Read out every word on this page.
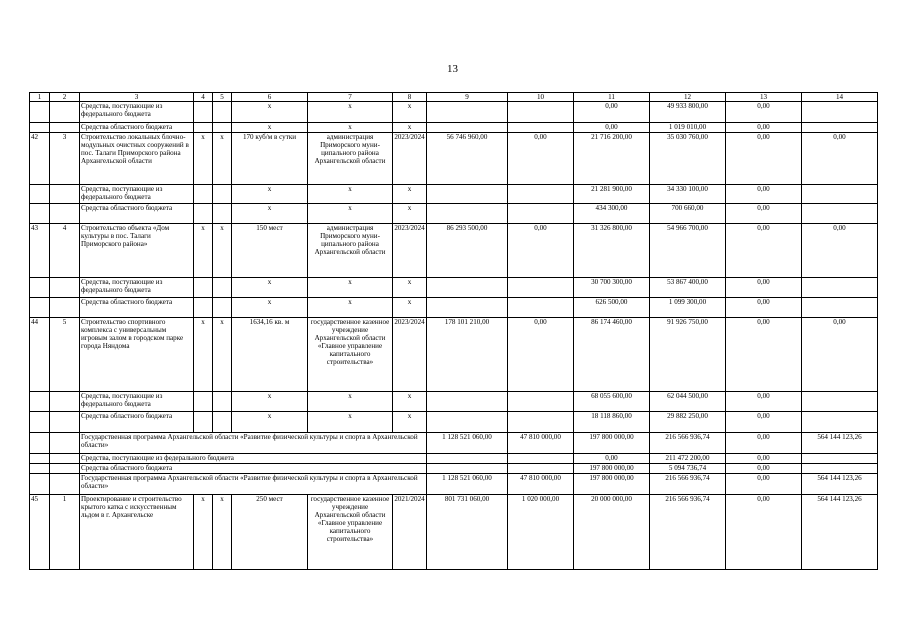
13
1	2	3	4	5	6	7	8	9	10	11	12	13	14
		Средства, поступающие из федерального бюджета			х	х	х			0,00	49 933 800,00	0,00	
		Средства областного бюджета			х	х	х			0,00	1 019 010,00	0,00	
42	3	Строительство локальных блочно-модульных очистных сооружений в пос. Талаги Приморского района Архангельской области	х	х	170 куб/м в сутки	администрация Приморского муни-ципального района Архангельской области	2023/2024	56 746 960,00	0,00	21 716 200,00	35 030 760,00	0,00	0,00
		Средства, поступающие из федерального бюджета			х	х	х			21 281 900,00	34 330 100,00	0,00	
		Средства областного бюджета			х	х	х			434 300,00	700 660,00	0,00	
43	4	Строительство объекта «Дом культуры в пос. Талаги Приморского района»	х	х	150 мест	администрация Приморского муни-ципального района Архангельской области	2023/2024	86 293 500,00	0,00	31 326 800,00	54 966 700,00	0,00	0,00
		Средства, поступающие из федерального бюджета			х	х	х			30 700 300,00	53 867 400,00	0,00	
		Средства областного бюджета			х	х	х			626 500,00	1 099 300,00	0,00	
44	5	Строительство спортивного комплекса с универсальным игровым залом в городском парке города Няндома	х	х	1634,16 кв. м	государственное казенное учреждение Архангельской области «Главное управление капитального строительства»	2023/2024	178 101 210,00	0,00	86 174 460,00	91 926 750,00	0,00	0,00
		Средства, поступающие из федерального бюджета			х	х	х			68 055 600,00	62 044 500,00	0,00	
		Средства областного бюджета			х	х	х			18 118 860,00	29 882 250,00	0,00	
		Государственная программа Архангельской области «Развитие физической культуры и спорта в Архангельской области»						1 128 521 060,00	47 810 000,00	197 800 000,00	216 566 936,74	0,00	564 144 123,26
		Средства, поступающие из федерального бюджета								0,00	211 472 200,00	0,00	
		Средства областного бюджета								197 800 000,00	5 094 736,74	0,00	
		Государственная программа Архангельской области «Развитие физической культуры и спорта в Архангельской области»						1 128 521 060,00	47 810 000,00	197 800 000,00	216 566 936,74	0,00	564 144 123,26
45	1	Проектирование и строительство крытого катка с искусственным льдом в г. Архангельске	х	х	250 мест	государственное казенное учреждение Архангельской области «Главное управление капитального строительства»	2021/2024	801 731 060,00	1 020 000,00	20 000 000,00	216 566 936,74	0,00	564 144 123,26
